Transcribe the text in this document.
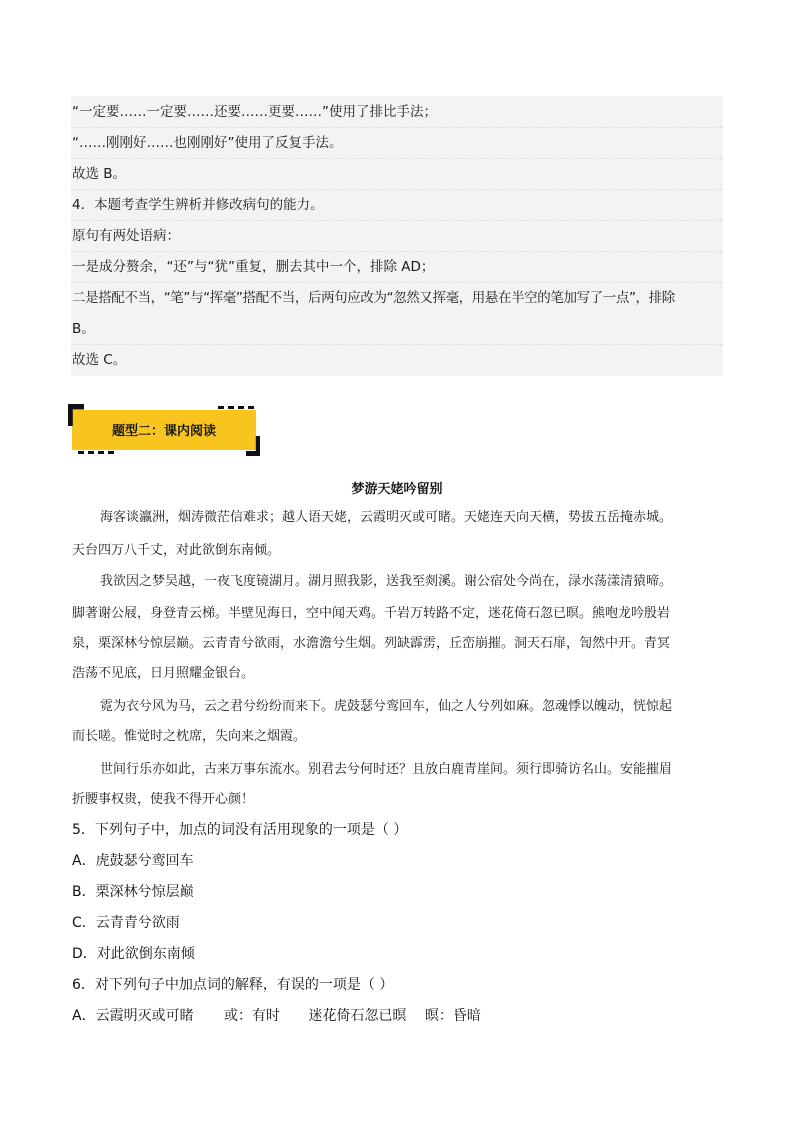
“一定要……一定要……还要……更要……”使用了排比手法；
“……刚刚好……也刚刚好”使用了反复手法。
故选 B。
4．本题考查学生辨析并修改病句的能力。
原句有两处语病：
一是成分赘余，“还”与“犹”重复，删去其中一个，排除 AD；
二是搭配不当，“笔”与“挥毫”搭配不当，后两句应改为“忽然又挥毫，用悬在半空的笔加写了一点”，排除
B。
故选 C。
题型二：课内阅读
梦游天姥吟留别
海客谈瀛洲，烟涛微茫信难求；越人语天姥，云霞明灭或可睹。天姥连天向天横，势拔五岳掩赤城。
天台四万八千丈，对此欲倒东南倾。
我欲因之梦吴越，一夜飞度镜湖月。湖月照我影，送我至剡溪。谢公宿处今尚在，渌水荡漾清猿啼。
脚著谢公屐，身登青云梯。半壁见海日，空中闻天鸡。千岩万转路不定，迷花倚石忽已暝。熊咆龙吟殷岩
泉，栗深林兮惊层巅。云青青兮欲雨，水澹澹兮生烟。列缺霹雳，丘峦崩摧。洞天石扉，訇然中开。青冥
浩荡不见底，日月照耀金银台。
霓为衣兮风为马，云之君兮纷纷而来下。虎鼓瑟兮鸾回车，仙之人兮列如麻。忽魂悸以魄动，恍惊起
而长嗟。惟觉时之枕席，失向来之烟霞。
世间行乐亦如此，古来万事东流水。别君去兮何时还？且放白鹿青崖间。须行即骑访名山。安能摧眉
折腰事权贵，使我不得开心颜！
5．下列句子中，加点的词没有活用现象的一项是（ ）
A．虎鼓瑟兮鸾回车
B．栗深林兮惊层巅
C．云青青兮欲雨
D．对此欲倒东南倾
6．对下列句子中加点词的解释，有误的一项是（ ）
A．云霞明灭或可睹 或：有时 迷花倚石忽已暝 暝：昏暗
